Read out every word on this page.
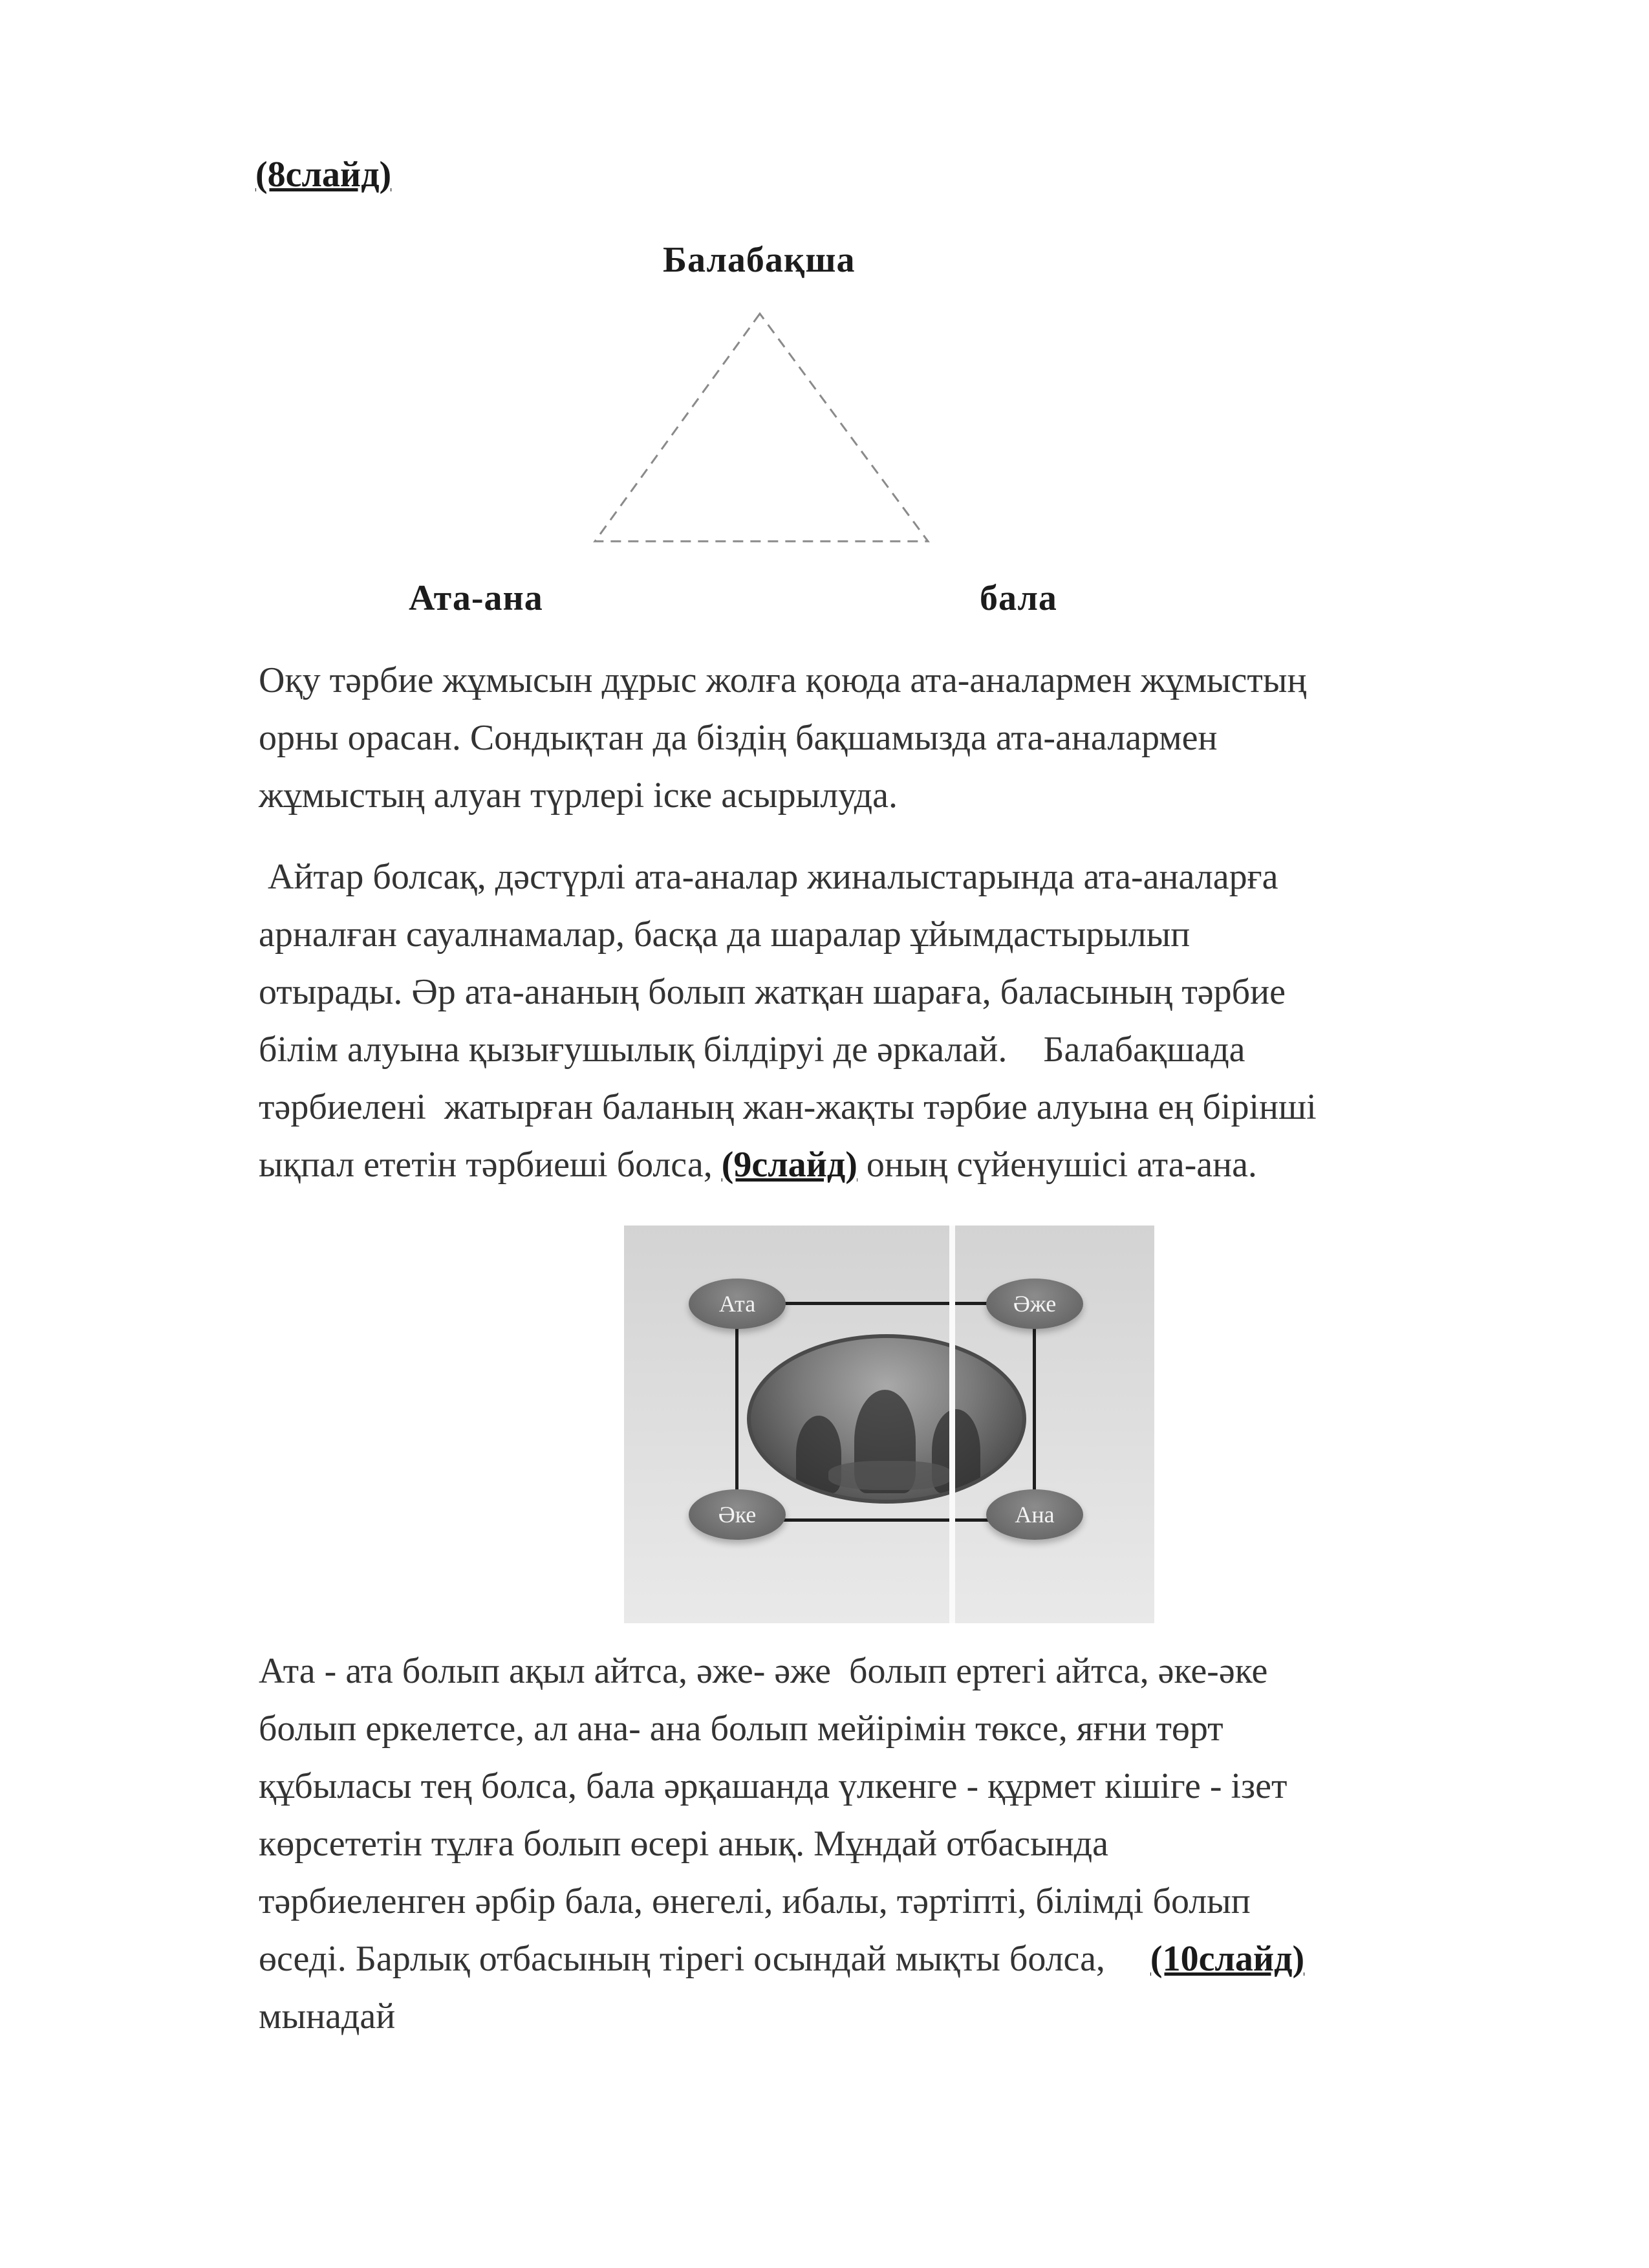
(8слайд)
Балабақша
Ата-ана	бала
Оқу тәрбие жұмысын дұрыс жолға қоюда ата-аналармен жұмыстың
орны орасан. Сондықтан да біздің бақшамызда ата-аналармен
жұмыстың алуан түрлері іске асырылуда.
Айтар болсақ, дәстүрлі ата-аналар жиналыстарында ата-аналарға
арналған сауалнамалар, басқа да шаралар ұйымдастырылып
отырады. Әр ата-ананың болып жатқан шараға, баласының тәрбие
білім алуына қызығушылық білдіруі де әркалай.    Балабақшада
тәрбиелені  жатырған баланың жан-жақты тәрбие алуына ең бірінші
ықпал ететін тәрбиеші болса, (9слайд) оның сүйенушісі ата-ана.
Ата	Әже
Әке	Ана
Ата - ата болып ақыл айтса, әже- әже  болып ертегі айтса, әке-әке
болып еркелетсе, ал ана- ана болып мейірімін төксе, яғни төрт
құбыласы тең болса, бала әрқашанда үлкенге - құрмет кішіге - ізет
көрсететін тұлға болып өсері анық. Мұндай отбасында
тәрбиеленген әрбір бала, өнегелі, ибалы, тәртіпті, білімді болып
өседі. Барлық отбасының тірегі осындай мықты болса,     (10слайд)
мынадай
